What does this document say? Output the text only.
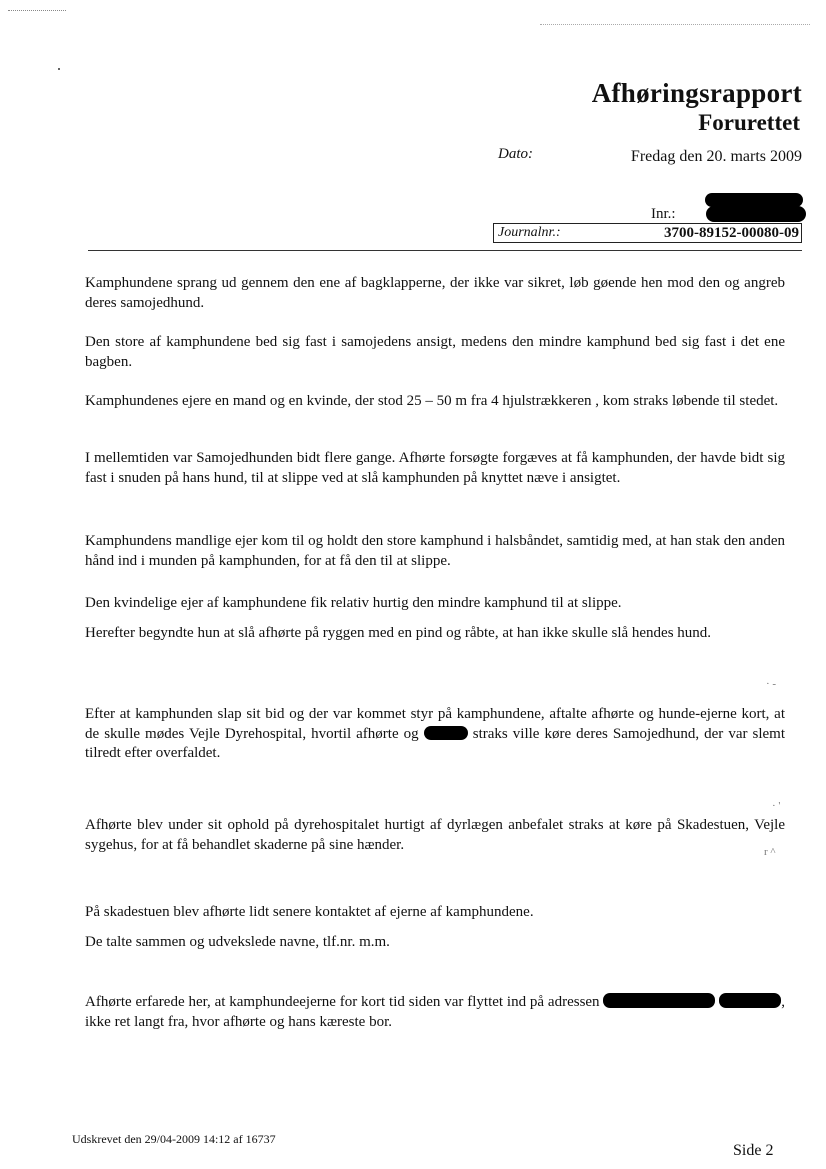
Afhøringsrapport
Forurettet
Dato:	Fredag den 20. marts 2009
Inr.:
Journalnr.:	3700-89152-00080-09
Kamphundene sprang ud gennem den ene af bagklapperne, der ikke var sikret, løb gøende hen mod den og angreb deres samojedhund.
Den store af kamphundene bed sig fast i samojedens ansigt, medens den mindre kamphund bed sig fast i det ene bagben.
Kamphundenes ejere en mand og en kvinde, der stod 25 – 50 m fra 4 hjulstrækkeren , kom straks løbende til stedet.
I mellemtiden var Samojedhunden bidt flere gange. Afhørte forsøgte forgæves at få kamphunden, der havde bidt sig fast i snuden på hans hund, til at slippe ved at slå kamphunden på knyttet næve i ansigtet.
Kamphundens mandlige ejer kom til og holdt den store kamphund i halsbåndet, samtidig med, at han stak den anden hånd ind i munden på kamphunden, for at få den til at slippe.
Den kvindelige ejer af kamphundene fik relativ hurtig den mindre kamphund til at slippe.
Herefter begyndte hun at slå afhørte på ryggen med en pind og råbte, at han ikke skulle slå hendes hund.
Efter at kamphunden slap sit bid og der var kommet styr på kamphundene, aftalte afhørte og hunde-ejerne kort, at de skulle mødes Vejle Dyrehospital, hvortil afhørte og	straks ville køre deres Samojedhund, der var slemt tilredt efter overfaldet.
Afhørte blev under sit ophold på dyrehospitalet hurtigt af dyrlægen anbefalet straks at køre på Skadestuen, Vejle sygehus, for at få behandlet skaderne på sine hænder.
På skadestuen blev afhørte lidt senere kontaktet af ejerne af kamphundene.
De talte sammen og udvekslede navne, tlf.nr. m.m.
Afhørte erfarede her, at kamphundeejerne for kort tid siden var flyttet ind på adressen	, ikke ret langt fra, hvor afhørte og hans kæreste bor.
· -
· '
r ^
Udskrevet den 29/04-2009 14:12 af 16737
Side 2
